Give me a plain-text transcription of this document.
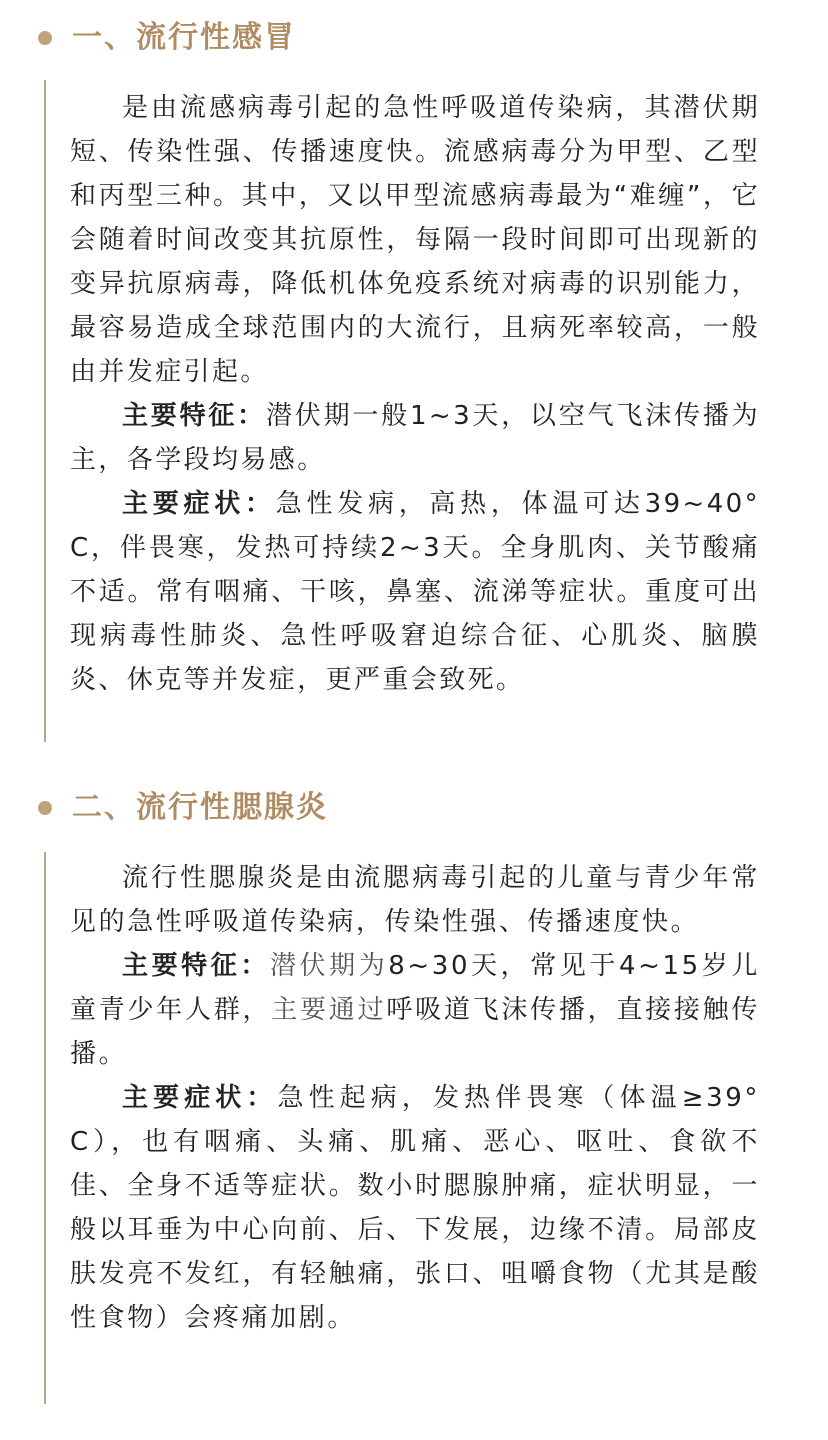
一、流行性感冒

是由流感病毒引起的急性呼吸道传染病，其潜伏期短、传染性强、传播速度快。流感病毒分为甲型、乙型和丙型三种。其中，又以甲型流感病毒最为“难缠”，它会随着时间改变其抗原性，每隔一段时间即可出现新的变异抗原病毒，降低机体免疫系统对病毒的识别能力，最容易造成全球范围内的大流行，且病死率较高，一般由并发症引起。

主要特征：潜伏期一般1~3天，以空气飞沫传播为主，各学段均易感。

主要症状：急性发病，高热，体温可达39~40°C，伴畏寒，发热可持续2~3天。全身肌肉、关节酸痛不适。常有咽痛、干咳，鼻塞、流涕等症状。重度可出现病毒性肺炎、急性呼吸窘迫综合征、心肌炎、脑膜炎、休克等并发症，更严重会致死。

二、流行性腮腺炎

流行性腮腺炎是由流腮病毒引起的儿童与青少年常见的急性呼吸道传染病，传染性强、传播速度快。

主要特征：潜伏期为8~30天，常见于4~15岁儿童青少年人群，主要通过呼吸道飞沫传播，直接接触传播。

主要症状：急性起病，发热伴畏寒（体温≥39°C），也有咽痛、头痛、肌痛、恶心、呕吐、食欲不佳、全身不适等症状。数小时腮腺肿痛，症状明显，一般以耳垂为中心向前、后、下发展，边缘不清。局部皮肤发亮不发红，有轻触痛，张口、咀嚼食物（尤其是酸性食物）会疼痛加剧。
